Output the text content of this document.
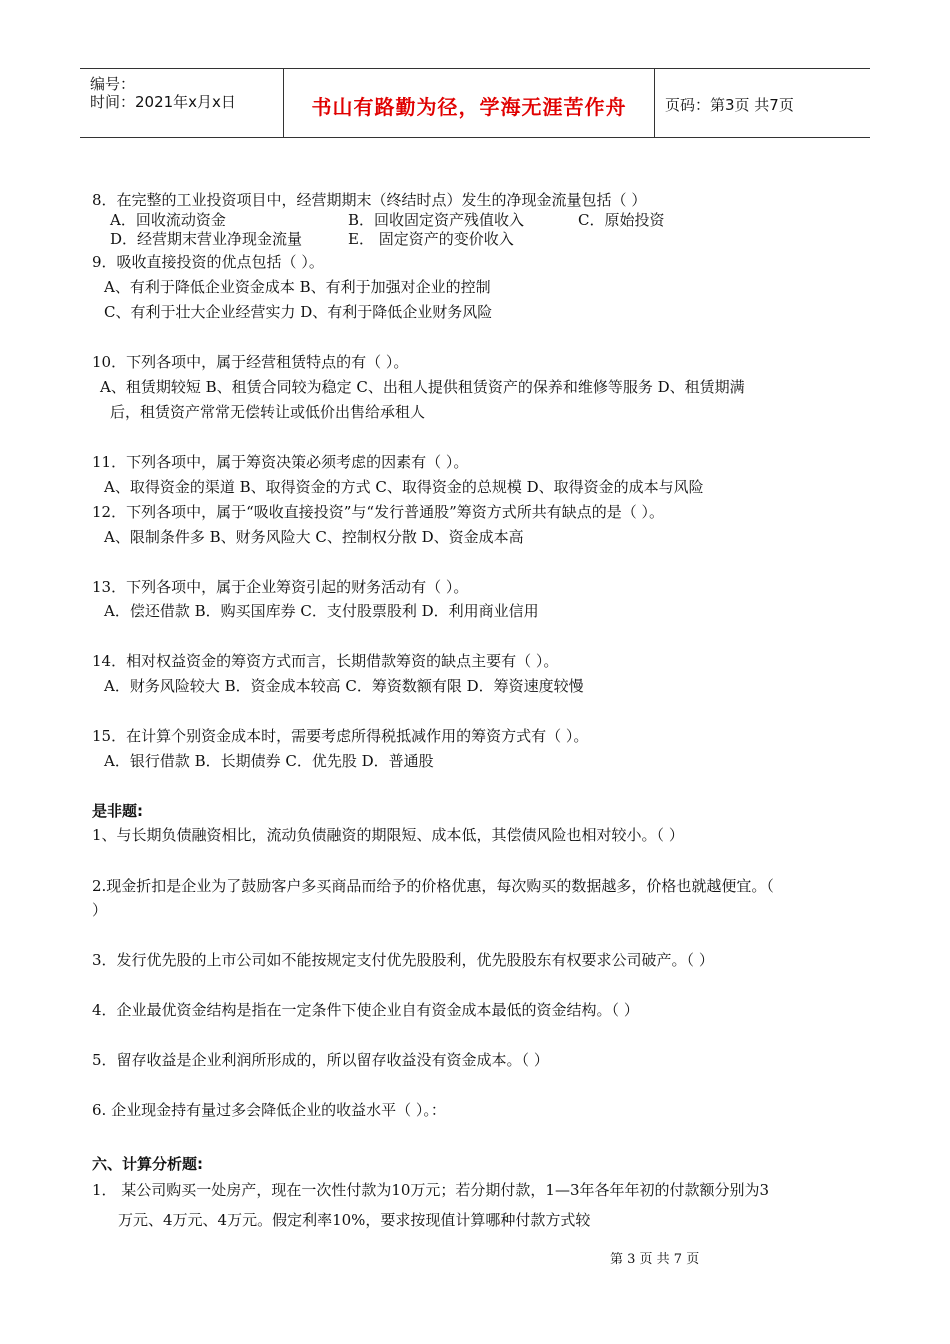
编号：
时间：2021年x月x日	书山有路勤为径，学海无涯苦作舟	页码：第3页 共7页
8．在完整的工业投资项目中，经营期期末（终结时点）发生的净现金流量包括（ ）
A．回收流动资金	B．回收固定资产残值收入	C．原始投资
D．经营期末营业净现金流量	E． 固定资产的变价收入
9．吸收直接投资的优点包括（ ）。
A、有利于降低企业资金成本 B、有利于加强对企业的控制
C、有利于壮大企业经营实力 D、有利于降低企业财务风险
10．下列各项中，属于经营租赁特点的有（ ）。
A、租赁期较短 B、租赁合同较为稳定 C、出租人提供租赁资产的保养和维修等服务 D、租赁期满
后，租赁资产常常无偿转让或低价出售给承租人
11．下列各项中，属于筹资决策必须考虑的因素有（ ）。
A、取得资金的渠道 B、取得资金的方式 C、取得资金的总规模 D、取得资金的成本与风险
12．下列各项中，属于“吸收直接投资”与“发行普通股”筹资方式所共有缺点的是（ ）。
A、限制条件多 B、财务风险大 C、控制权分散 D、资金成本高
13．下列各项中，属于企业筹资引起的财务活动有（ ）。
A．偿还借款 B．购买国库券 C．支付股票股利 D．利用商业信用
14．相对权益资金的筹资方式而言，长期借款筹资的缺点主要有（ ）。
A．财务风险较大 B．资金成本较高 C．筹资数额有限 D．筹资速度较慢
15．在计算个别资金成本时，需要考虑所得税抵减作用的筹资方式有（ ）。
A．银行借款 B．长期债券 C．优先股 D．普通股
是非题:
1、与长期负债融资相比，流动负债融资的期限短、成本低，其偿债风险也相对较小。（ ）
2.现金折扣是企业为了鼓励客户多买商品而给予的价格优惠，每次购买的数据越多，价格也就越便宜。（
）
3．发行优先股的上市公司如不能按规定支付优先股股利，优先股股东有权要求公司破产。（ ）
4．企业最优资金结构是指在一定条件下使企业自有资金成本最低的资金结构。（ ）
5．留存收益是企业利润所形成的，所以留存收益没有资金成本。（ ）
6. 企业现金持有量过多会降低企业的收益水平（ ）。：
六、计算分析题:
1． 某公司购买一处房产，现在一次性付款为10万元；若分期付款，1—3年各年年初的付款额分别为3
万元、4万元、4万元。假定利率10%，要求按现值计算哪种付款方式较
第 3 页 共 7 页
